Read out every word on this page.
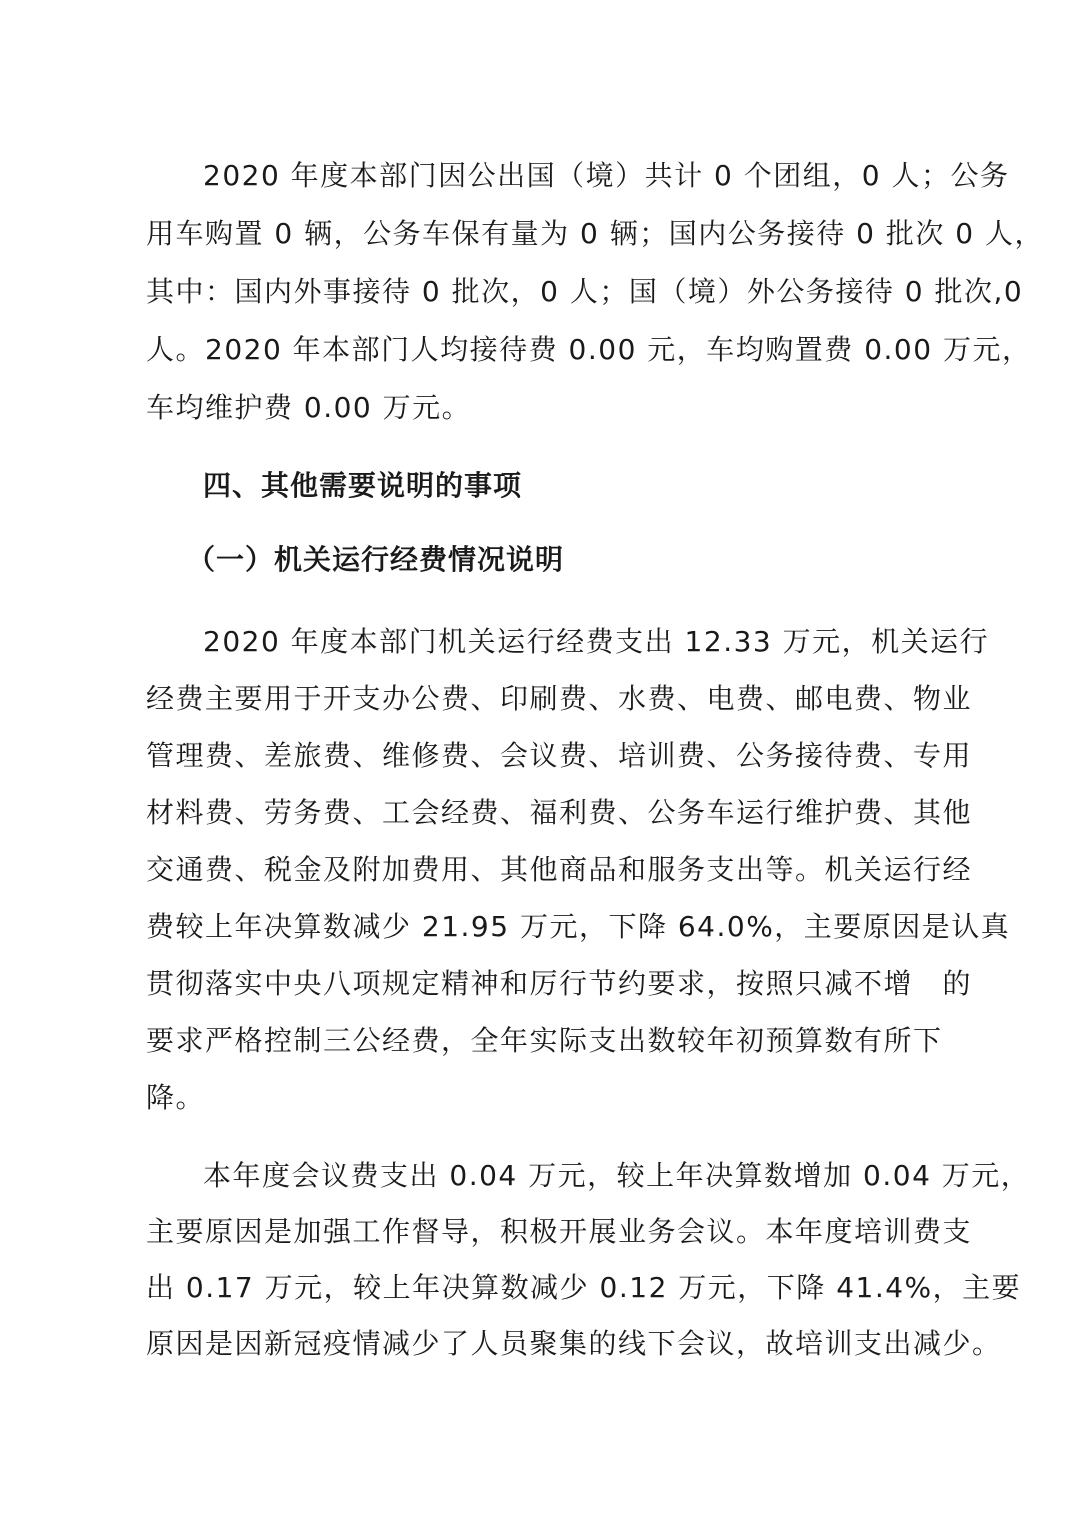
2020 年度本部门因公出国（境）共计 0 个团组，0 人；公务
用车购置 0 辆，公务车保有量为 0 辆；国内公务接待 0 批次 0 人，
其中：国内外事接待 0 批次，0 人；国（境）外公务接待 0 批次,0
人。2020 年本部门人均接待费 0.00 元，车均购置费 0.00 万元，
车均维护费 0.00 万元。
四、其他需要说明的事项
（一）机关运行经费情况说明
2020 年度本部门机关运行经费支出 12.33 万元，机关运行
经费主要用于开支办公费、印刷费、水费、电费、邮电费、物业
管理费、差旅费、维修费、会议费、培训费、公务接待费、专用
材料费、劳务费、工会经费、福利费、公务车运行维护费、其他
交通费、税金及附加费用、其他商品和服务支出等。机关运行经
费较上年决算数减少 21.95 万元，下降 64.0%，主要原因是认真
贯彻落实中央八项规定精神和厉行节约要求，按照只减不增　的
要求严格控制三公经费，全年实际支出数较年初预算数有所下
降。
本年度会议费支出 0.04 万元，较上年决算数增加 0.04 万元，
主要原因是加强工作督导，积极开展业务会议。本年度培训费支
出 0.17 万元，较上年决算数减少 0.12 万元，下降 41.4%，主要
原因是因新冠疫情减少了人员聚集的线下会议，故培训支出减少。
